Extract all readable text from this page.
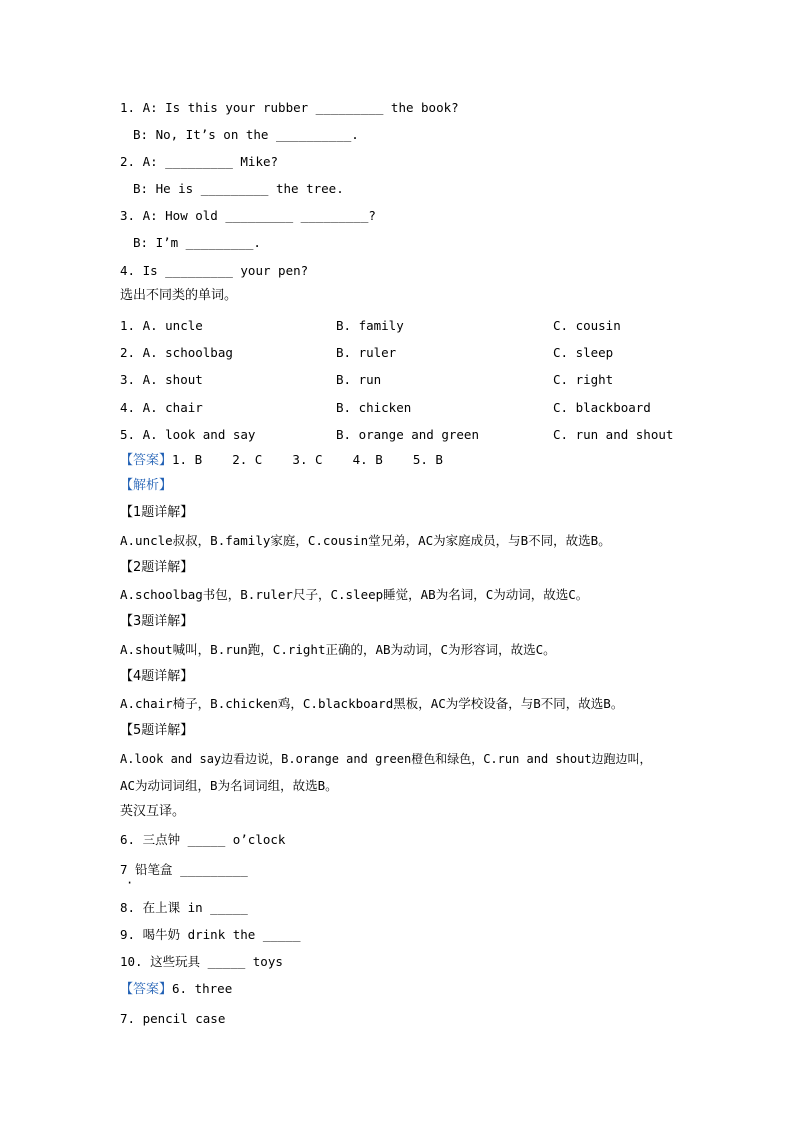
1. A: Is this your rubber _________ the book?
B: No, It’s on the __________.
2. A: _________ Mike?
B: He is _________ the tree.
3. A: How old _________ _________?
B: I’m _________.
4. Is _________ your pen?
选出不同类的单词。
1. A. uncle	B. family	C. cousin
2. A. schoolbag	B. ruler	C. sleep
3. A. shout	B. run	C. right
4. A. chair	B. chicken	C. blackboard
5. A. look and say	B. orange and green	C. run and shout
【答案】1. B    2. C    3. C    4. B    5. B
【解析】
【1题详解】
A.uncle叔叔，B.family家庭，C.cousin堂兄弟，AC为家庭成员，与B不同，故选B。
【2题详解】
A.schoolbag书包，B.ruler尺子，C.sleep睡觉，AB为名词，C为动词，故选C。
【3题详解】
A.shout喊叫，B.run跑，C.right正确的，AB为动词，C为形容词，故选C。
【4题详解】
A.chair椅子，B.chicken鸡，C.blackboard黑板，AC为学校设备，与B不同，故选B。
【5题详解】
A.look and say边看边说，B.orange and green橙色和绿色，C.run and shout边跑边叫，
AC为动词词组，B为名词词组，故选B。
英汉互译。
6. 三点钟 _____ o’clock
7 铅笔盒 _________
·
8. 在上课 in _____
9. 喝牛奶 drink the _____
10. 这些玩具 _____ toys
【答案】6. three
7. pencil case
